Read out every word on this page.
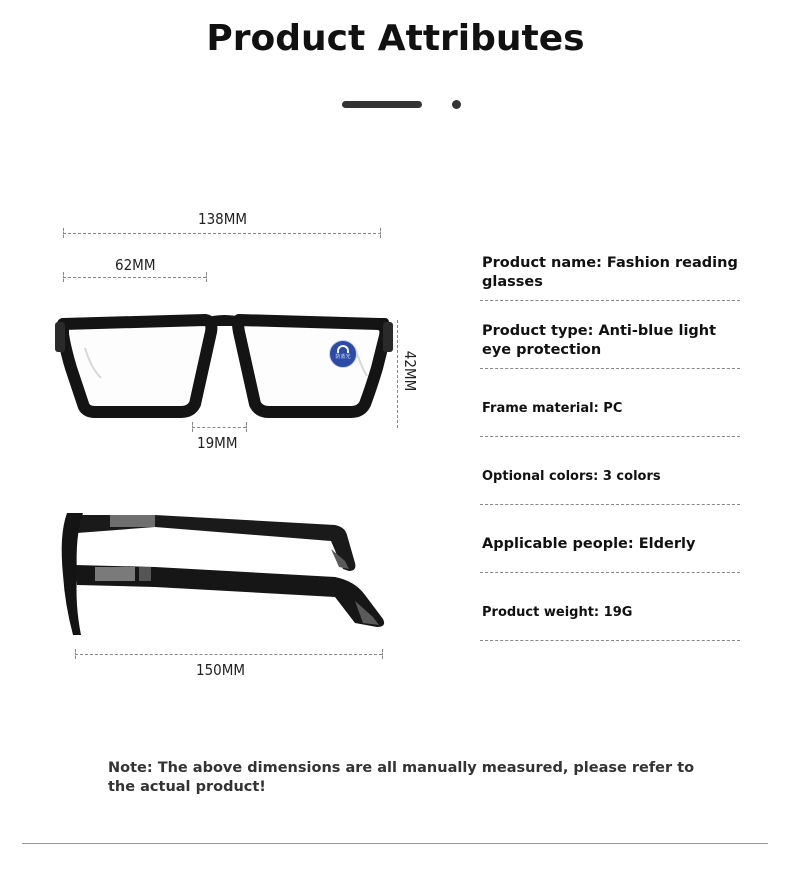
Product Attributes
138MM
62MM
42MM
19MM
防蓝光
150MM
Product name: Fashion reading glasses
Product type: Anti-blue light eye protection
Frame material: PC
Optional colors: 3 colors
Applicable people: Elderly
Product weight: 19G
Note: The above dimensions are all manually measured, please refer to the actual product!
